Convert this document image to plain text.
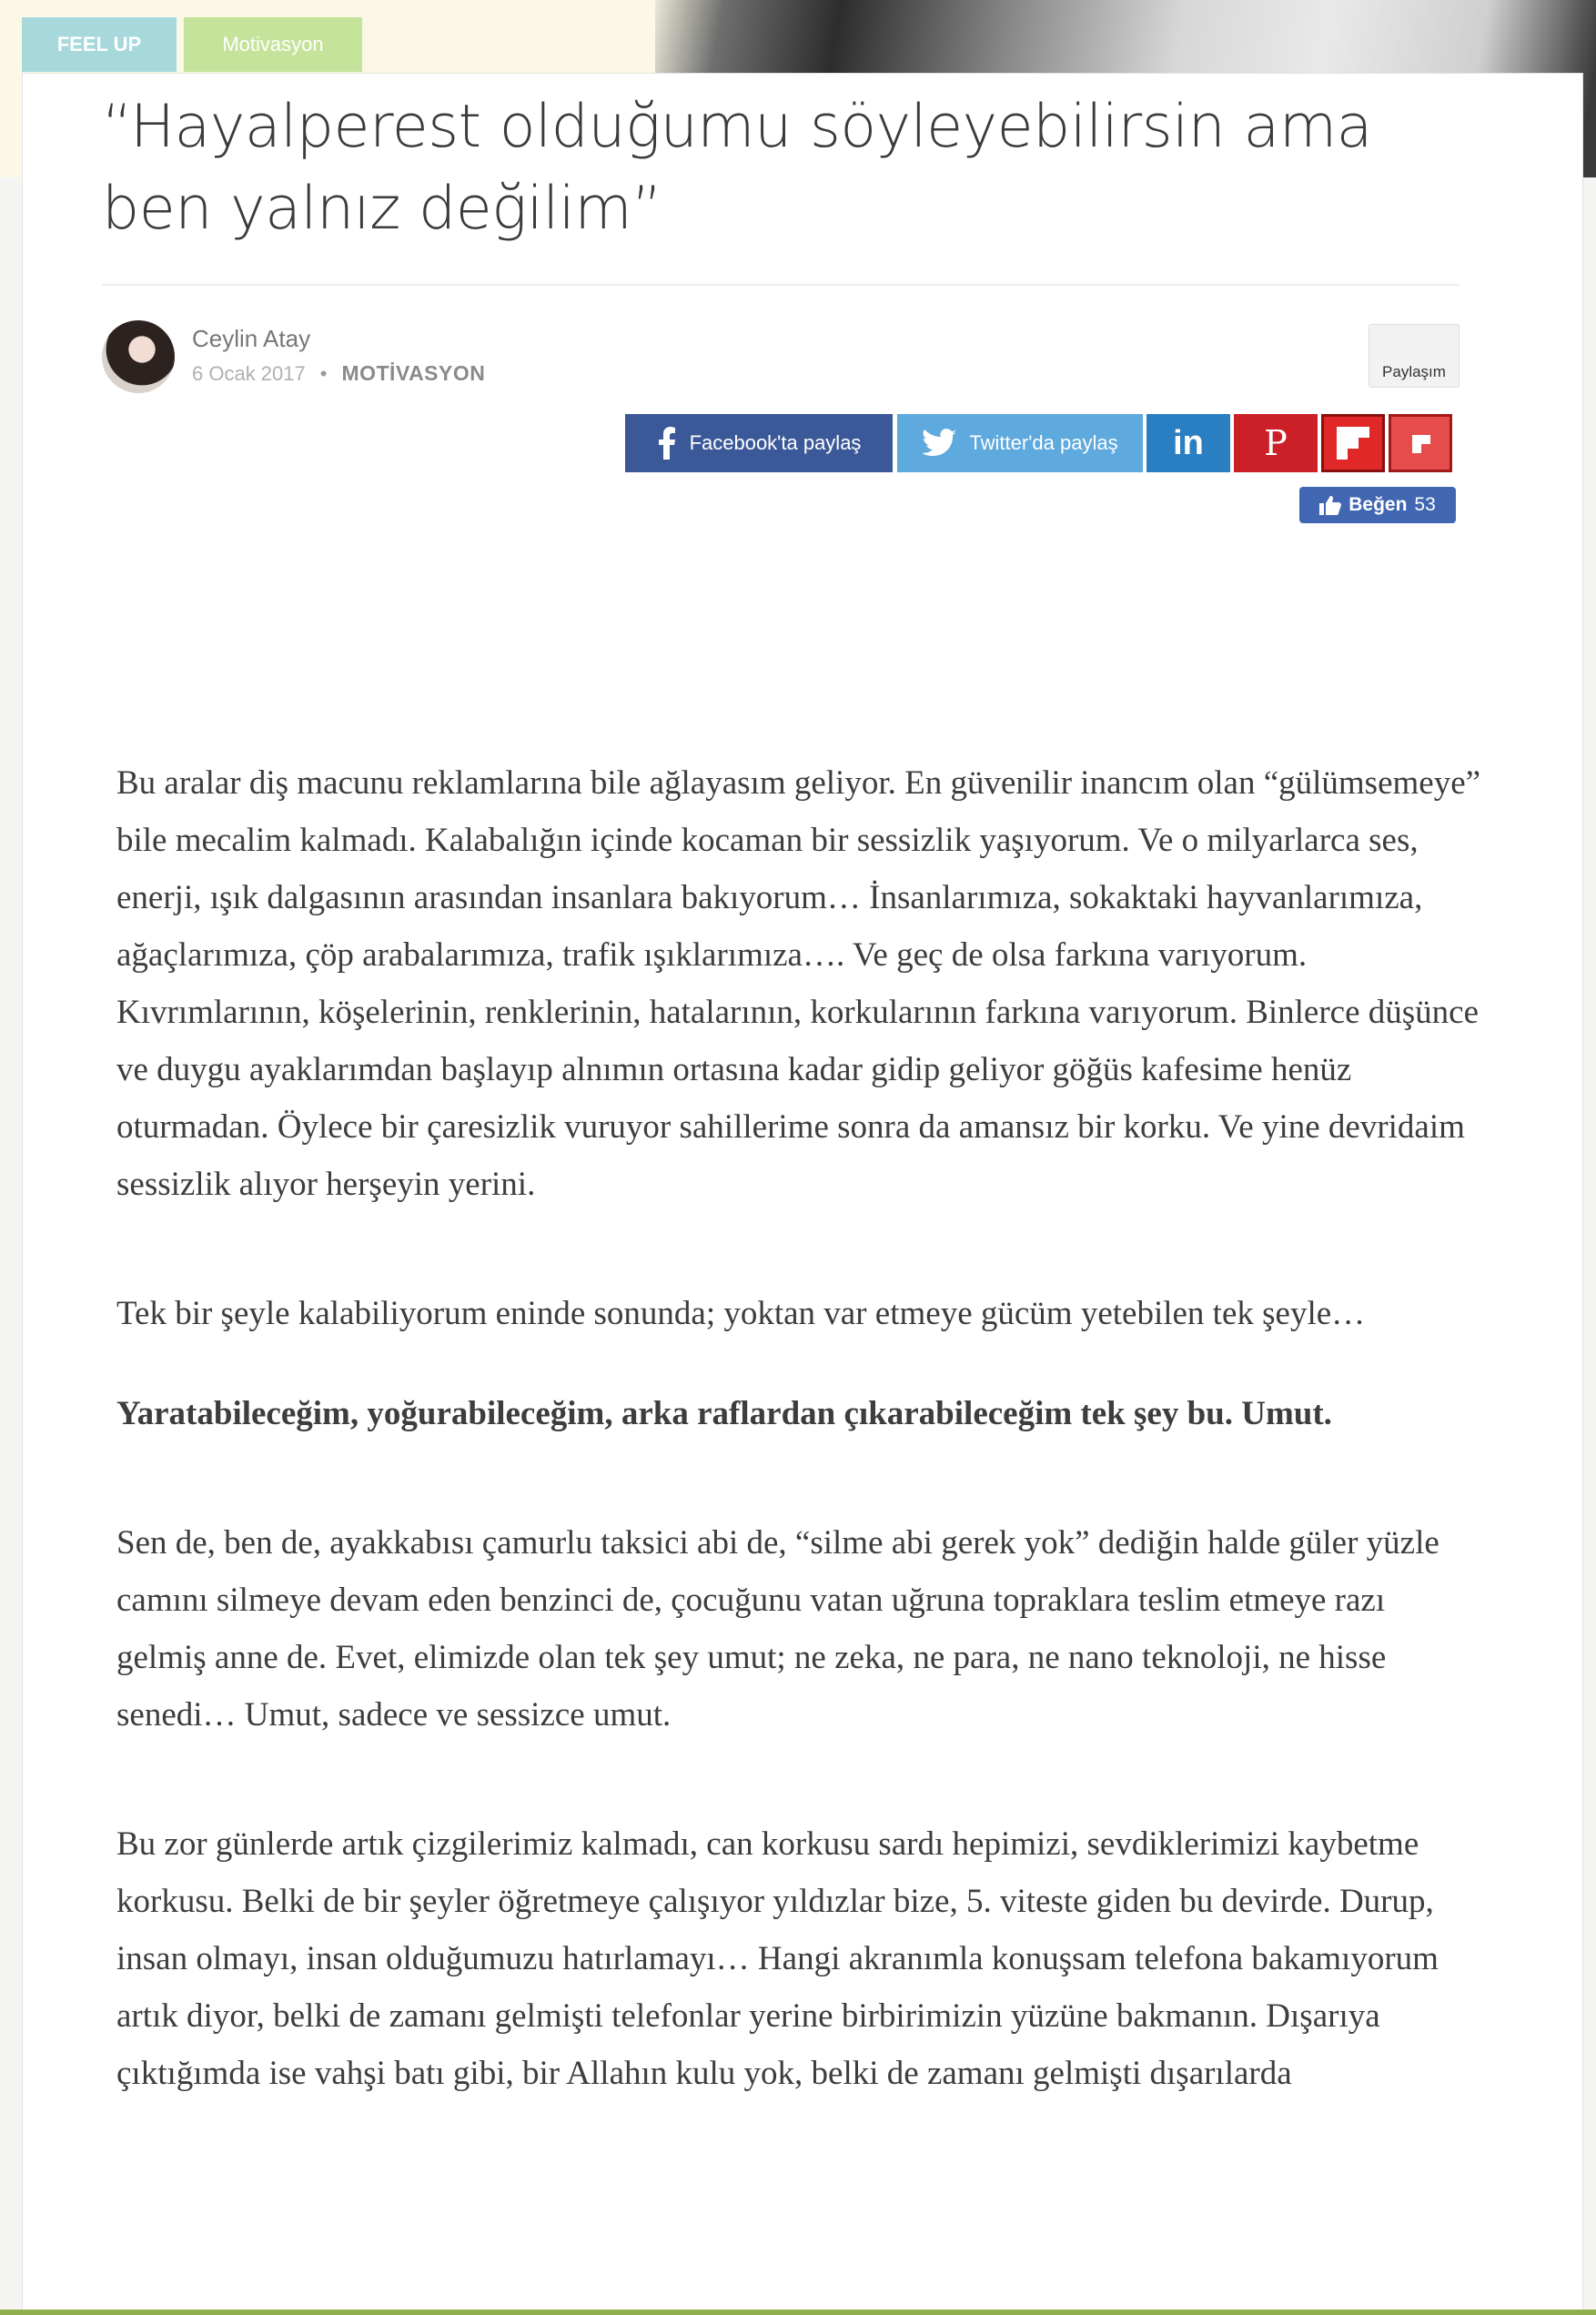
FEEL UP	Motivasyon
“Hayalperest olduğumu söyleyebilirsin ama ben yalnız değilim”
Ceylin Atay
6 Ocak 2017 • MOTİVASYON	Paylaşım
Facebook'ta paylaş	Twitter'da paylaş in P
Beğen 53

Bu aralar diş macunu reklamlarına bile ağlayasım geliyor. En güvenilir inancım olan “gülümsemeye” bile mecalim kalmadı. Kalabalığın içinde kocaman bir sessizlik yaşıyorum. Ve o milyarlarca ses, enerji, ışık dalgasının arasından insanlara bakıyorum… İnsanlarımıza, sokaktaki hayvanlarımıza, ağaçlarımıza, çöp arabalarımıza, trafik ışıklarımıza…. Ve geç de olsa farkına varıyorum. Kıvrımlarının, köşelerinin, renklerinin, hatalarının, korkularının farkına varıyorum. Binlerce düşünce ve duygu ayaklarımdan başlayıp alnımın ortasına kadar gidip geliyor göğüs kafesime henüz oturmadan. Öylece bir çaresizlik vuruyor sahillerime sonra da amansız bir korku. Ve yine devridaim sessizlik alıyor herşeyin yerini.

Tek bir şeyle kalabiliyorum eninde sonunda; yoktan var etmeye gücüm yetebilen tek şeyle…

Yaratabileceğim, yoğurabileceğim, arka raflardan çıkarabileceğim tek şey bu. Umut.

Sen de, ben de, ayakkabısı çamurlu taksici abi de, “silme abi gerek yok” dediğin halde güler yüzle camını silmeye devam eden benzinci de, çocuğunu vatan uğruna topraklara teslim etmeye razı gelmiş anne de. Evet, elimizde olan tek şey umut; ne zeka, ne para, ne nano teknoloji, ne hisse senedi… Umut, sadece ve sessizce umut.

Bu zor günlerde artık çizgilerimiz kalmadı, can korkusu sardı hepimizi, sevdiklerimizi kaybetme korkusu. Belki de bir şeyler öğretmeye çalışıyor yıldızlar bize, 5. viteste giden bu devirde. Durup, insan olmayı, insan olduğumuzu hatırlamayı… Hangi akranımla konuşsam telefona bakamıyorum artık diyor, belki de zamanı gelmişti telefonlar yerine birbirimizin yüzüne bakmanın. Dışarıya çıktığımda ise vahşi batı gibi, bir Allahın kulu yok, belki de zamanı gelmişti dışarılarda
